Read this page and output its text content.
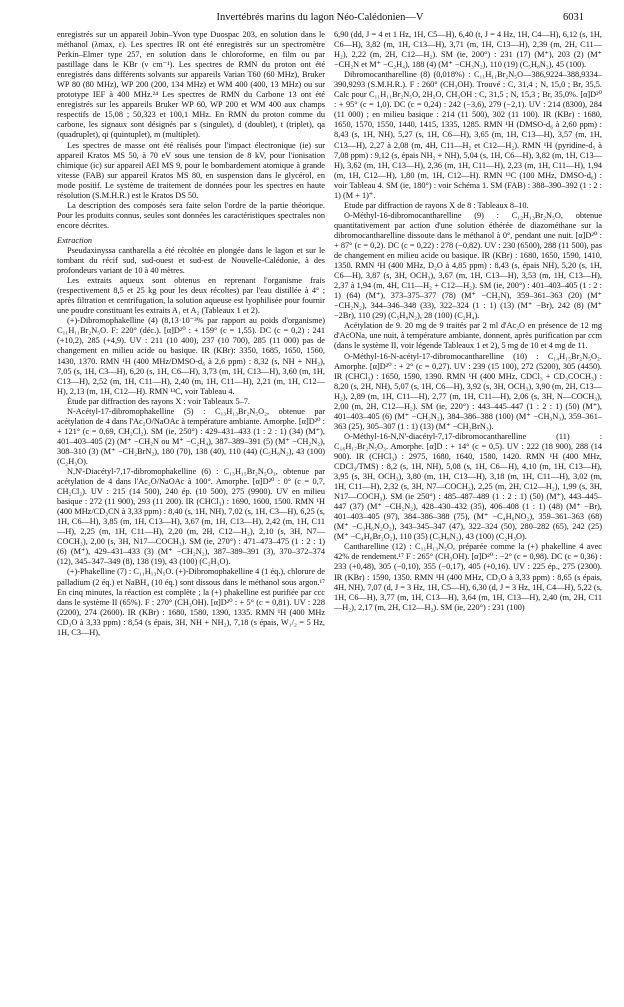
Invertébrés marins du lagon Néo-Calédonien—V	6031

enregistrés sur un appareil Jobin–Yvon type Duospac 203, en solution dans le méthanol (λmax, ε). Les spectres IR ont été enregistrés sur un spectromètre Perkin–Elmer type 257, en solution dans le chloroforme, en film ou par pastillage dans le KBr (ν cm⁻¹). Les spectres de RMN du proton ont été enregistrés dans différents solvants sur appareils Varian T60 (60 MHz), Bruker WP 80 (80 MHz), WP 200 (200, 134 MHz) et WM 400 (400, 13 MHz) ou sur prototype IEF à 400 MHz.²⁴ Les spectres de RMN du Carbone 13 ont été enregistrés sur les appareils Bruker WP 60, WP 200 et WM 400 aux champs respectifs de 15,08 ; 50,323 et 100,1 MHz. En RMN du proton comme du carbone, les signaux sont désignés par s (singulet), d (doublet), t (triplet), qa (quadruplet), qi (quintuplet), m (multiplet).

Les spectres de masse ont été réalisés pour l'impact électronique (ie) sur appareil Kratos MS 50, à 70 eV sous une tension de 8 kV, pour l'ionisation chimique (ic) sur appareil AEI MS 9, pour le bombardement atomique à grande vitesse (FAB) sur appareil Kratos MS 80, en suspension dans le glycérol, en mode positif. Le système de traitement de données pour les spectres en haute résolution (S.M.H.R.) est le Kratos DS 50.

La description des composés sera faite selon l'ordre de la partie théorique. Pour les produits connus, seules sont données les caractéristiques spectrales non encore décrites.

Extraction

Pseudaxinyssa cantharella a été récoltée en plongée dans le lagon et sur le tombant du récif sud, sud-ouest et sud-est de Nouvelle-Calédonie, à des profondeurs variant de 10 à 40 mètres.

Les extraits aqueux sont obtenus en reprenant l'organisme frais (respectivement 8,5 et 25 kg pour les deux récoltes) par l'eau distillée à 4° ; après filtration et centrifugation, la solution aqueuse est lyophilisée pour fournir une poudre constituant les extraits A₁ et A₂ (Tableaux 1 et 2).

(+)-Dibromophakelline (4) (8,13·10⁻³% par rapport au poids d'organisme) C₁₁H₁₁Br₂N₅O. F: 220° (déc.). [α]D²⁰ : + 159° (c = 1,55). DC (c = 0,2) : 241 (+10,2), 285 (+4,9). UV : 211 (10 400), 237 (10 700), 285 (11 000) pas de changement en milieu acide ou basique. IR (KBr): 3350, 1685, 1650, 1560, 1430, 1370. RMN ¹H (400 MHz/DMSO-d₆ à 2,6 ppm) : 8,32 (s, NH + NH₂), 7,05 (s, 1H, C3—H), 6,20 (s, 1H, C6—H), 3,73 (m, 1H, C13—H), 3,60 (m, 1H, C13—H), 2,52 (m, 1H, C11—H), 2,40 (m, 1H, C11—H), 2,21 (m, 1H, C12—H), 2,13 (m, 1H, C12—H). RMN ¹³C, voir Tableau 4.

Étude par diffraction des rayons X : voir Tableaux 5–7.

N-Acétyl-17-dibromophakelline (5) : C₁₃H₁₃Br₂N₅O₂, obtenue par acétylation de 4 dans l'Ac₂O/NaOAc à température ambiante. Amorphe. [α]D²⁰ : + 121° (c = 0,69, CH₂Cl₂). SM (ie, 250°) : 429–431–433 (1 : 2 : 1) (34) (M⁺), 401–403–405 (2) (M⁺ −CH₂N ou M⁺ −C₂H₄), 387–389–391 (5) (M⁺ −CH₂N₂), 308–310 (3) (M⁺ −CH₂BrN₂), 180 (70), 138 (40), 110 (44) (C₅H₈N₂), 43 (100) (C₂H₃O).

N,N'-Diacétyl-7,17-dibromophakelline (6) : C₁₅H₁₅Br₂N₅O₃, obtenue par acétylation de 4 dans l'Ac₂O/NaOAc à 100°. Amorphe. [α]D²⁰ : 0° (c = 0,7, CH₂Cl₂). UV : 215 (14 500), 240 ép. (10 500), 275 (9900). UV en milieu basique : 272 (11 900), 293 (11 200). IR (CHCl₃) : 1690, 1600, 1500. RMN ¹H (400 MHz/CD₃CN à 3,33 ppm) : 8,40 (s, 1H, NH), 7,02 (s, 1H, C3—H), 6,25 (s, 1H, C6—H), 3,85 (m, 1H, C13—H), 3,67 (m, 1H, C13—H), 2,42 (m, 1H, C11—H), 2,25 (m, 1H, C11—H), 2,20 (m, 2H, C12—H₂), 2,10 (s, 3H, N7—COCH₃), 2,00 (s, 3H, N17—COCH₃). SM (ie, 270°) : 471–473–475 (1 : 2 : 1) (6) (M⁺), 429–431–433 (3) (M⁺ −CH₂N₂), 387–389–391 (3), 370–372–374 (12), 345–347–349 (8), 138 (19), 43 (100) (C₂H₃O).

(+)-Phakelline (7) : C₁₁H₁₃N₅O. (+)-Dibromophakelline 4 (1 éq.), chlorure de palladium (2 éq.) et NaBH₄ (10 éq.) sont dissous dans le méthanol sous argon.¹⁷ En cinq minutes, la réaction est complète ; la (+) phakelline est purifiée par ccc dans le système II (65%). F : 270° (CH₃OH). [α]D²⁰ : + 5° (c = 0,81). UV : 228 (2200), 274 (2600). IR (KBr) : 1680, 1580, 1390, 1335. RMN ¹H (400 MHz CD₃O à 3,33 ppm) : 8,54 (s épais, 3H, NH + NH₂), 7,18 (s épais, W₁/₂ = 5 Hz, 1H, C3—H),

6,90 (dd, J = 4 et 1 Hz, 1H, C5—H), 6,40 (t, J = 4 Hz, 1H, C4—H), 6,12 (s, 1H, C6—H), 3,82 (m, 1H, C13—H), 3,71 (m, 1H, C13—H), 2,39 (m, 2H, C11—H₂), 2,22 (m, 2H, C12—H₂). SM (ie, 200°) : 231 (17) (M⁺), 203 (2) (M⁺ −CH₂N et M⁺ −C₂H₄), 188 (4) (M⁺ −CH₃N₂), 110 (19) (C₅H₈N₂), 45 (100).

Dibromocantharelline (8) (0,018%) : C₁₁H₁₁Br₂N₅O—386,9224–388,9334–390,9293 (S.M.H.R.). F : 260° (CH₃OH). Trouvé : C, 31,4 ; N, 15,0 ; Br, 35,5. Calc pour C₁₁H₁₁Br₂N₅O, 2H₂O, CH₃OH : C, 31,5 ; N, 15,3 ; Br, 35,0%. [α]D²⁰ : + 95° (c = 1,0). DC (c = 0,24) : 242 (−3,6), 279 (−2,1). UV : 214 (8300), 284 (11 000) ; en milieu basique : 214 (11 500), 302 (11 100). IR (KBr) : 1680, 1650, 1570, 1550, 1440, 1415, 1335, 1285. RMN ¹H (DMSO-d₆ à 2,60 ppm) : 8,43 (s, 1H, NH), 5,27 (s, 1H, C6—H), 3,65 (m, 1H, C13—H), 3,57 (m, 1H, C13—H), 2,27 à 2,08 (m, 4H, C11—H₂ et C12—H₂). RMN ¹H (pyridine-d₅ à 7,08 ppm) : 9,12 (s, épais NH₂ + NH), 5,04 (s, 1H, C6—H), 3,82 (m, 1H, C13—H), 3,62 (m, 1H, C13—H), 2,36 (m, 1H, C11—H), 2,23 (m, 1H, C11—H), 1,94 (m, 1H, C12—H), 1,80 (m, 1H, C12—H). RMN ¹³C (100 MHz, DMSO-d₆) : voir Tableau 4. SM (ie, 180°) : voir Schéma 1. SM (FAB) : 388–390–392 (1 : 2 : 1) (M + 1)⁺.

Etude par diffraction de rayons X de 8 : Tableaux 8–10.

O-Méthyl-16-dibromocantharelline (9) : C₁₂H₁₃Br₂N₅O, obtenue quantitativement par action d'une solution éthérée de diazométhane sur la dibromocantharelline dissoute dans le méthanol à 0°, pendant une nuit. [α]D²⁰ : + 87° (c = 0,2). DC (c = 0,22) : 278 (−0,82). UV : 230 (6500), 288 (11 500), pas de changement en milieu acide ou basique. IR (KBr) : 1680, 1650, 1590, 1410, 1350. RMN ¹H (400 MHz, D₂O à 4,85 ppm) : 8,43 (s, épais NH), 5,20 (s, 1H, C6—H), 3,87 (s, 3H, OCH₃), 3,67 (m, 1H, C13—H), 3,53 (m, 1H, C13—H), 2,37 à 1,94 (m, 4H, C11—H₂ + C12—H₂). SM (ie, 200°) : 401–403–405 (1 : 2 : 1) (64) (M⁺), 373–375–377 (78) (M⁺ −CH₂N), 359–361–363 (20) (M⁺ −CH₂N₂), 344–346–348 (33), 322–324 (1 : 1) (13) (M⁺ −Br), 242 (8) (M⁺ −2Br), 110 (29) (C₅H₈N₂), 28 (100) (C₂H₄).

Acétylation de 9. 20 mg de 9 traités par 2 ml d'Ac₂O en présence de 12 mg d'AcONa, une nuit, à température ambiante, donnent, après purification par ccm (dans le système II, voir légende Tableaux 1 et 2), 5 mg de 10 et 4 mg de 11.

O-Méthyl-16-N-acétyl-17-dibromocantharelline (10) : C₁₄H₁₅Br₂N₅O₂. Amorphe. [α]D²⁰ : + 2° (c = 0,27). UV : 239 (15 100), 272 (5200), 305 (4450). IR (CHCl₃) : 1650, 1590, 1390. RMN ¹H (400 MHz, CDCl₃ + CD₃COCH₃) : 8,20 (s, 2H, NH), 5,07 (s, 1H, C6—H), 3,92 (s, 3H, OCH₃), 3,90 (m, 2H, C13—H₂), 2,89 (m, 1H, C11—H), 2,77 (m, 1H, C11—H), 2,06 (s, 3H, N—COCH₃), 2,00 (m, 2H, C12—H₂). SM (ie, 220°) : 443–445–447 (1 : 2 : 1) (50) (M⁺), 401–403–405 (6) (M⁺ −CH₂N₂), 384–386–388 (100) (M⁺ −CH₃N₃), 359–361–363 (25), 305–307 (1 : 1) (13) (M⁺ −CH₂BrN₃).

O-Méthyl-16-N,N'-diacétyl-7,17-dibromocantharelline (11) : C₁₆H₁₇Br₂N₅O₃. Amorphe. [α]D : + 14° (c = 0,5). UV : 222 (18 900), 288 (14 900). IR (CHCl₃) : 2975, 1680, 1640, 1580, 1420. RMN ¹H (400 MHz, CDCl₃/TMS) : 8,2 (s, 1H, NH), 5,08 (s, 1H, C6—H), 4,10 (m, 1H, C13—H), 3,95 (s, 3H, OCH₃), 3,80 (m, 1H, C13—H), 3,18 (m, 1H, C11—H), 3,02 (m, 1H, C11—H), 2,32 (s, 3H, N7—COCH₃), 2,25 (m, 2H, C12—H₂), 1,99 (s, 3H, N17—COCH₃). SM (ie 250°) : 485–487–489 (1 : 2 : 1) (50) (M⁺), 443–445–447 (37) (M⁺ −CH₂N₂), 428–430–432 (35), 406–408 (1 : 1) (48) (M⁺ −Br), 401–403–405 (97), 384–386–388 (75), (M⁺ −C₄H₆NO₂), 359–361–363 (68) (M⁺ −C₃H₆N₂O₂), 343–345–347 (47), 322–324 (50), 280–282 (65), 242 (25) (M⁺ −C₄H₆Br₂O₂), 110 (35) (C₅H₈N₂), 43 (100) (C₂H₃O).

Cantharelline (12) : C₁₁H₁₃N₅O, préparée comme la (+) phakelline 4 avec 42% de rendement.¹⁷ F : 265° (CH₃OH). [α]D²⁰ : −2° (c = 0,98). DC (c = 0,36) : 233 (+0,48), 305 (−0,10), 355 (−0,17), 405 (+0,16). UV : 225 ép., 275 (2300). IR (KBr) : 1590, 1350. RMN ¹H (400 MHz, CD₃O à 3,33 ppm) : 8,65 (s épais, 4H, NH), 7,07 (d, J = 3 Hz, 1H, C5—H), 6,30 (d, J = 3 Hz, 1H, C4—H), 5,22 (s, 1H, C6—H), 3,77 (m, 1H, C13—H), 3,64 (m, 1H, C13—H), 2,40 (m, 2H, C11—H₂), 2,17 (m, 2H, C12—H₂). SM (ie, 220°) : 231 (100)
